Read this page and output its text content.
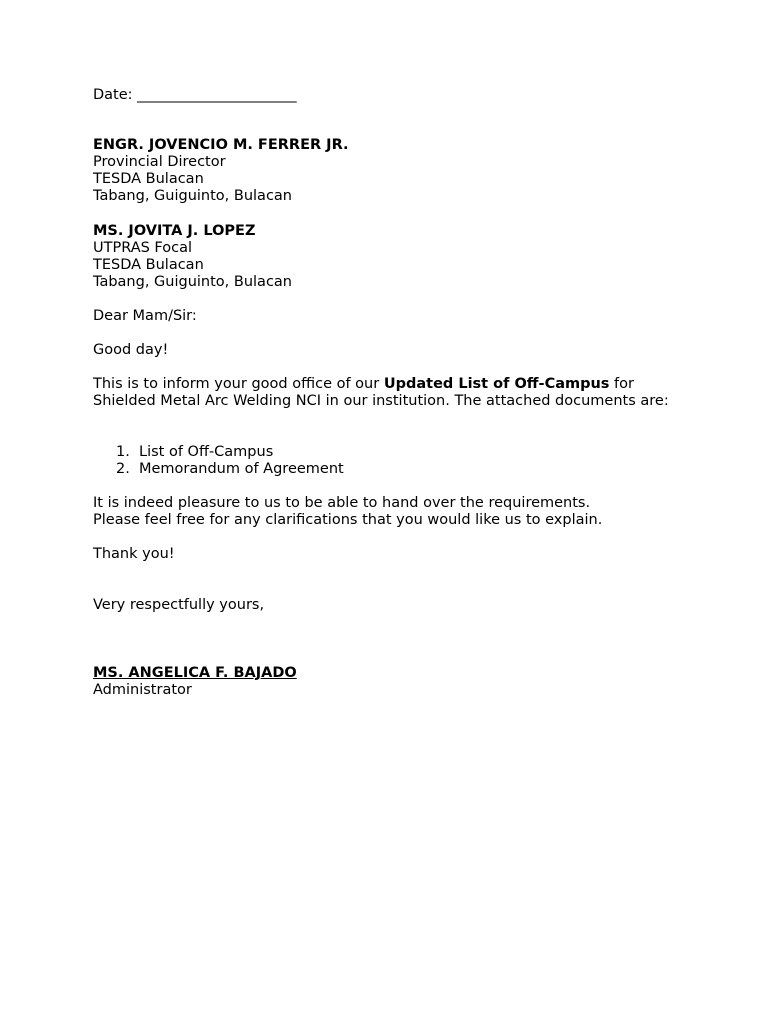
Date: ______________________
ENGR. JOVENCIO M. FERRER JR.
Provincial Director
TESDA Bulacan
Tabang, Guiguinto, Bulacan
MS. JOVITA J. LOPEZ
UTPRAS Focal
TESDA Bulacan
Tabang, Guiguinto, Bulacan
Dear Mam/Sir:
Good day!
This is to inform your good office of our Updated List of Off-Campus for Shielded Metal Arc Welding NCI in our institution. The attached documents are:
1. List of Off-Campus
2. Memorandum of Agreement
It is indeed pleasure to us to be able to hand over the requirements.
Please feel free for any clarifications that you would like us to explain.
Thank you!
Very respectfully yours,
MS. ANGELICA F. BAJADO
Administrator
